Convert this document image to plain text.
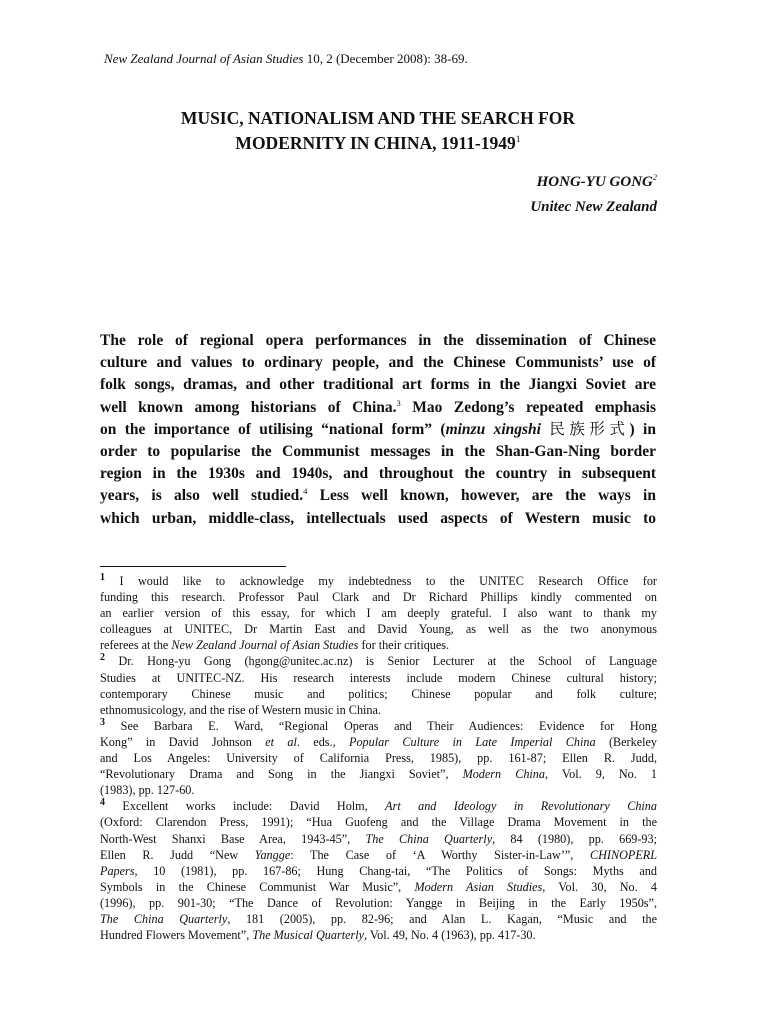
New Zealand Journal of Asian Studies 10, 2 (December 2008): 38-69.
MUSIC, NATIONALISM AND THE SEARCH FOR
MODERNITY IN CHINA, 1911-1949$^1$
HONG-YU GONG$^2$
Unitec New Zealand
The role of regional opera performances in the dissemination of Chinese
culture and values to ordinary people, and the Chinese Communists’ use of
folk songs, dramas, and other traditional art forms in the Jiangxi Soviet are
well known among historians of China.$^3$ Mao Zedong’s repeated emphasis
on the importance of utilising “national form” (minzu xingshi 民族形式) in
order to popularise the Communist messages in the Shan-Gan-Ning border
region in the 1930s and 1940s, and throughout the country in subsequent
years, is also well studied.$^4$ Less well known, however, are the ways in
which urban, middle-class, intellectuals used aspects of Western music to
$^1$ I would like to acknowledge my indebtedness to the UNITEC Research Office for
funding this research. Professor Paul Clark and Dr Richard Phillips kindly commented on
an earlier version of this essay, for which I am deeply grateful. I also want to thank my
colleagues at UNITEC, Dr Martin East and David Young, as well as the two anonymous
referees at the New Zealand Journal of Asian Studies for their critiques.
$^2$ Dr. Hong-yu Gong (hgong@unitec.ac.nz) is Senior Lecturer at the School of Language
Studies at UNITEC-NZ. His research interests include modern Chinese cultural history;
contemporary Chinese music and politics; Chinese popular and folk culture;
ethnomusicology, and the rise of Western music in China.
$^3$ See Barbara E. Ward, “Regional Operas and Their Audiences: Evidence for Hong
Kong” in David Johnson et al. eds., Popular Culture in Late Imperial China (Berkeley
and Los Angeles: University of California Press, 1985), pp. 161-87; Ellen R. Judd,
“Revolutionary Drama and Song in the Jiangxi Soviet”, Modern China, Vol. 9, No. 1
(1983), pp. 127-60.
$^4$ Excellent works include: David Holm, Art and Ideology in Revolutionary China
(Oxford: Clarendon Press, 1991); “Hua Guofeng and the Village Drama Movement in the
North-West Shanxi Base Area, 1943-45”, The China Quarterly, 84 (1980), pp. 669-93;
Ellen R. Judd “New Yangge: The Case of ‘A Worthy Sister-in-Law’”, CHINOPERL
Papers, 10 (1981), pp. 167-86; Hung Chang-tai, “The Politics of Songs: Myths and
Symbols in the Chinese Communist War Music”, Modern Asian Studies, Vol. 30, No. 4
(1996), pp. 901-30; “The Dance of Revolution: Yangge in Beijing in the Early 1950s”,
The China Quarterly, 181 (2005), pp. 82-96; and Alan L. Kagan, “Music and the
Hundred Flowers Movement”, The Musical Quarterly, Vol. 49, No. 4 (1963), pp. 417-30.
